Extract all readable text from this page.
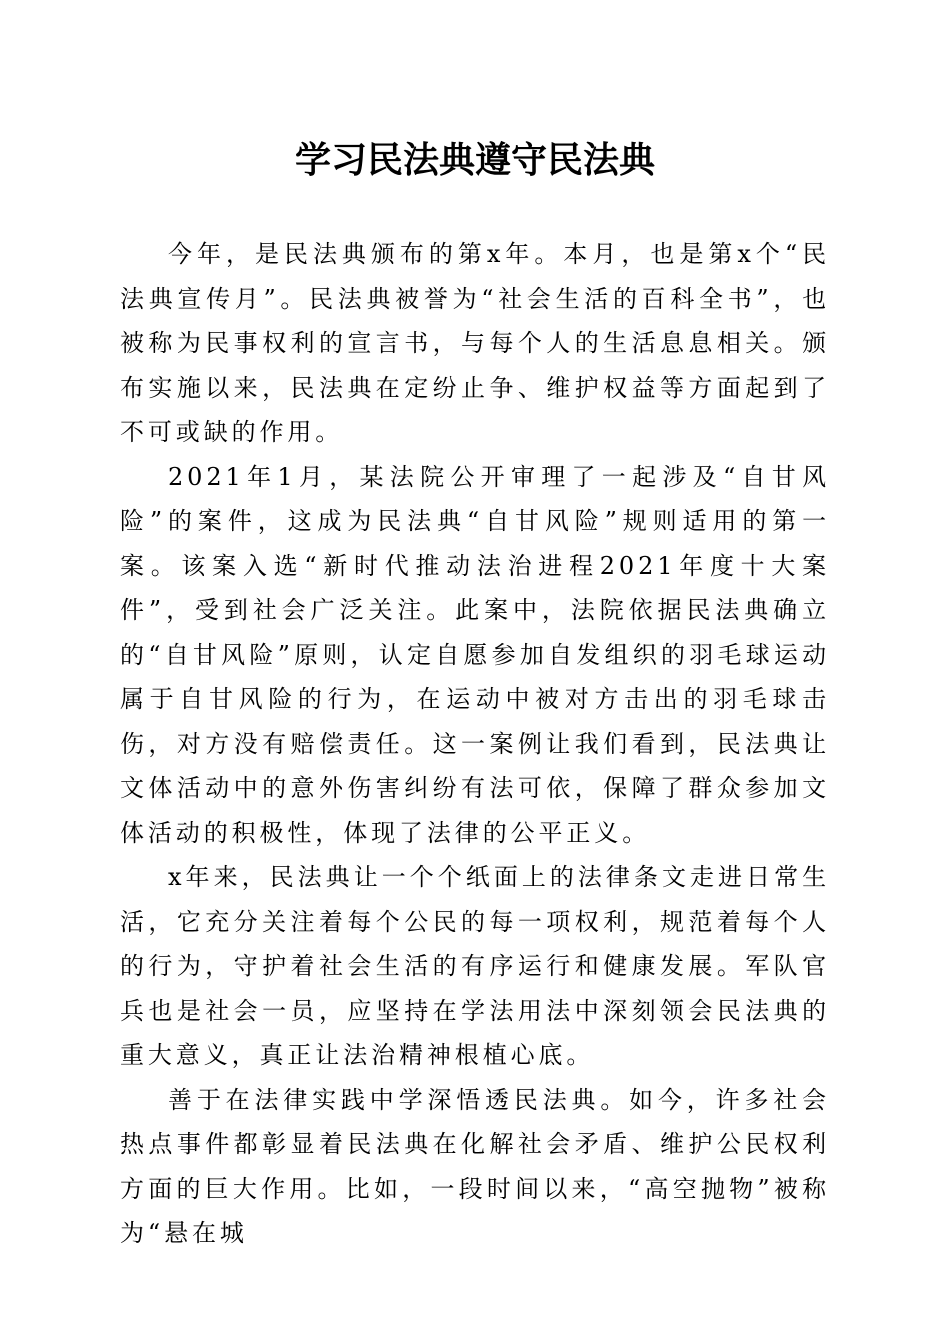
学习民法典遵守民法典

今年，是民法典颁布的第x年。本月，也是第x个“民法典宣传月”。民法典被誉为“社会生活的百科全书”，也被称为民事权利的宣言书，与每个人的生活息息相关。颁布实施以来，民法典在定纷止争、维护权益等方面起到了不可或缺的作用。

2021年1月，某法院公开审理了一起涉及“自甘风险”的案件，这成为民法典“自甘风险”规则适用的第一案。该案入选“新时代推动法治进程2021年度十大案件”，受到社会广泛关注。此案中，法院依据民法典确立的“自甘风险”原则，认定自愿参加自发组织的羽毛球运动属于自甘风险的行为，在运动中被对方击出的羽毛球击伤，对方没有赔偿责任。这一案例让我们看到，民法典让文体活动中的意外伤害纠纷有法可依，保障了群众参加文体活动的积极性，体现了法律的公平正义。

x年来，民法典让一个个纸面上的法律条文走进日常生活，它充分关注着每个公民的每一项权利，规范着每个人的行为，守护着社会生活的有序运行和健康发展。军队官兵也是社会一员，应坚持在学法用法中深刻领会民法典的重大意义，真正让法治精神根植心底。

善于在法律实践中学深悟透民法典。如今，许多社会热点事件都彰显着民法典在化解社会矛盾、维护公民权利方面的巨大作用。比如，一段时间以来，“高空抛物”被称为“悬在城
